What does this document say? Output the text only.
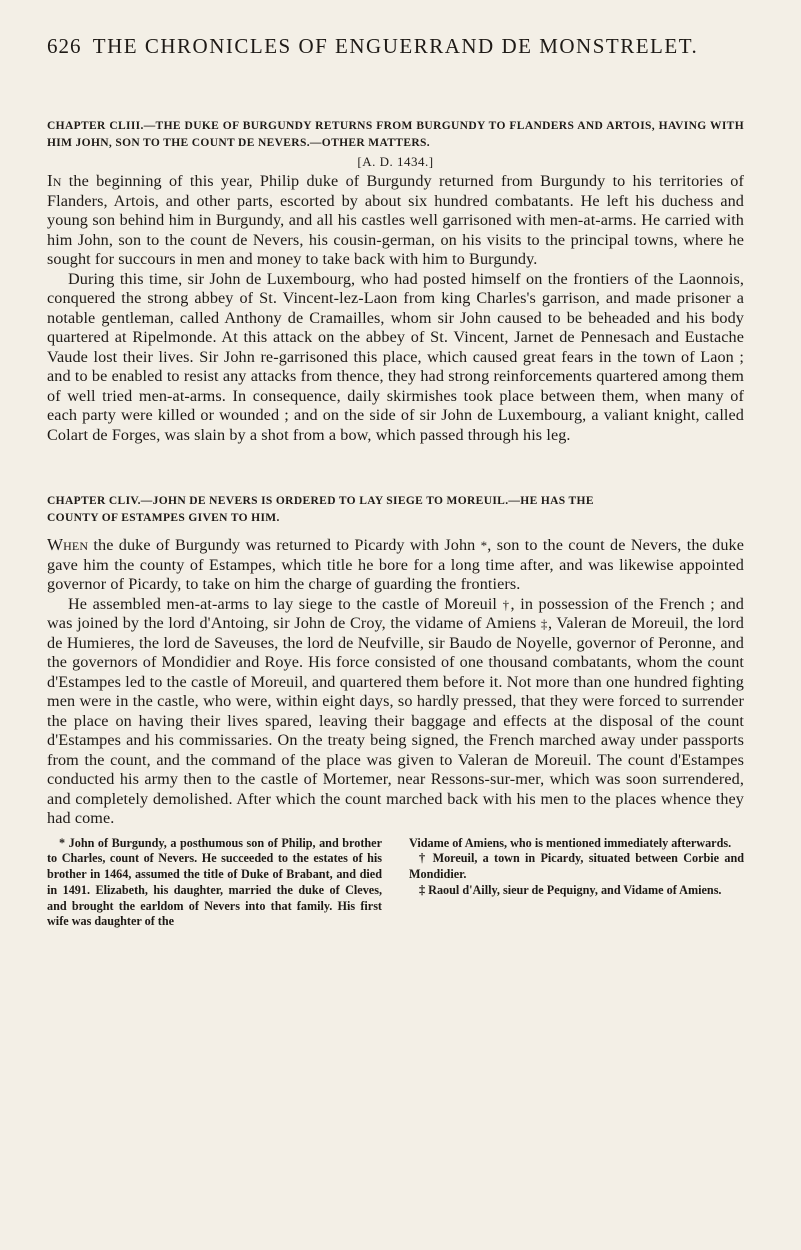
626 THE CHRONICLES OF ENGUERRAND DE MONSTRELET.

CHAPTER CLIII.—THE DUKE OF BURGUNDY RETURNS FROM BURGUNDY TO FLANDERS AND ARTOIS, HAVING WITH HIM JOHN, SON TO THE COUNT DE NEVERS.—OTHER MATTERS.

[A. D. 1434.]

In the beginning of this year, Philip duke of Burgundy returned from Burgundy to his territories of Flanders, Artois, and other parts, escorted by about six hundred combatants. He left his duchess and young son behind him in Burgundy, and all his castles well garrisoned with men-at-arms. He carried with him John, son to the count de Nevers, his cousin-german, on his visits to the principal towns, where he sought for succours in men and money to take back with him to Burgundy.

During this time, sir John de Luxembourg, who had posted himself on the frontiers of the Laonnois, conquered the strong abbey of St. Vincent-lez-Laon from king Charles's garrison, and made prisoner a notable gentleman, called Anthony de Cramailles, whom sir John caused to be beheaded and his body quartered at Ripelmonde. At this attack on the abbey of St. Vincent, Jarnet de Pennesach and Eustache Vaude lost their lives. Sir John re-garrisoned this place, which caused great fears in the town of Laon ; and to be enabled to resist any attacks from thence, they had strong reinforcements quartered among them of well tried men-at-arms. In consequence, daily skirmishes took place between them, when many of each party were killed or wounded ; and on the side of sir John de Luxembourg, a valiant knight, called Colart de Forges, was slain by a shot from a bow, which passed through his leg.

CHAPTER CLIV.—JOHN DE NEVERS IS ORDERED TO LAY SIEGE TO MOREUIL.—HE HAS THE
COUNTY OF ESTAMPES GIVEN TO HIM.

When the duke of Burgundy was returned to Picardy with John *, son to the count de Nevers, the duke gave him the county of Estampes, which title he bore for a long time after, and was likewise appointed governor of Picardy, to take on him the charge of guarding the frontiers.

He assembled men-at-arms to lay siege to the castle of Moreuil †, in possession of the French ; and was joined by the lord d'Antoing, sir John de Croy, the vidame of Amiens ‡, Valeran de Moreuil, the lord de Humieres, the lord de Saveuses, the lord de Neufville, sir Baudo de Noyelle, governor of Peronne, and the governors of Mondidier and Roye. His force consisted of one thousand combatants, whom the count d'Estampes led to the castle of Moreuil, and quartered them before it. Not more than one hundred fighting men were in the castle, who were, within eight days, so hardly pressed, that they were forced to surrender the place on having their lives spared, leaving their baggage and effects at the disposal of the count d'Estampes and his commissaries. On the treaty being signed, the French marched away under passports from the count, and the command of the place was given to Valeran de Moreuil. The count d'Estampes conducted his army then to the castle of Mortemer, near Ressons-sur-mer, which was soon surrendered, and completely demolished. After which the count marched back with his men to the places whence they had come.

* John of Burgundy, a posthumous son of Philip, and brother to Charles, count of Nevers. He succeeded to the estates of his brother in 1464, assumed the title of Duke of Brabant, and died in 1491. Elizabeth, his daughter, married the duke of Cleves, and brought the earldom of Nevers into that family. His first wife was daughter of the

Vidame of Amiens, who is mentioned immediately afterwards.

† Moreuil, a town in Picardy, situated between Corbie and Mondidier.

‡ Raoul d'Ailly, sieur de Pequigny, and Vidame of Amiens.
